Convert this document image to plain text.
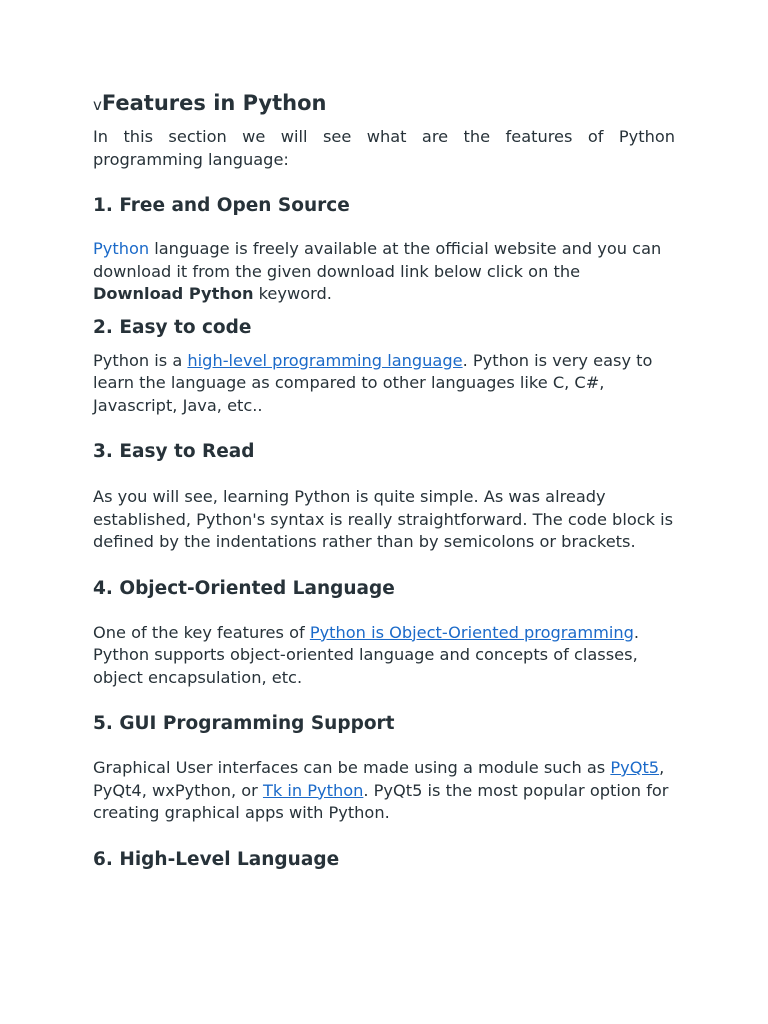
vFeatures in Python

In this section we will see what are the features of Python programming language:

1. Free and Open Source

Python language is freely available at the official website and you can download it from the given download link below click on the Download Python keyword.

2. Easy to code

Python is a high-level programming language. Python is very easy to learn the language as compared to other languages like C, C#, Javascript, Java, etc..

3. Easy to Read

As you will see, learning Python is quite simple. As was already established, Python's syntax is really straightforward. The code block is defined by the indentations rather than by semicolons or brackets.

4. Object-Oriented Language

One of the key features of Python is Object-Oriented programming. Python supports object-oriented language and concepts of classes, object encapsulation, etc.

5. GUI Programming Support

Graphical User interfaces can be made using a module such as PyQt5, PyQt4, wxPython, or Tk in Python. PyQt5 is the most popular option for creating graphical apps with Python.

6. High-Level Language
